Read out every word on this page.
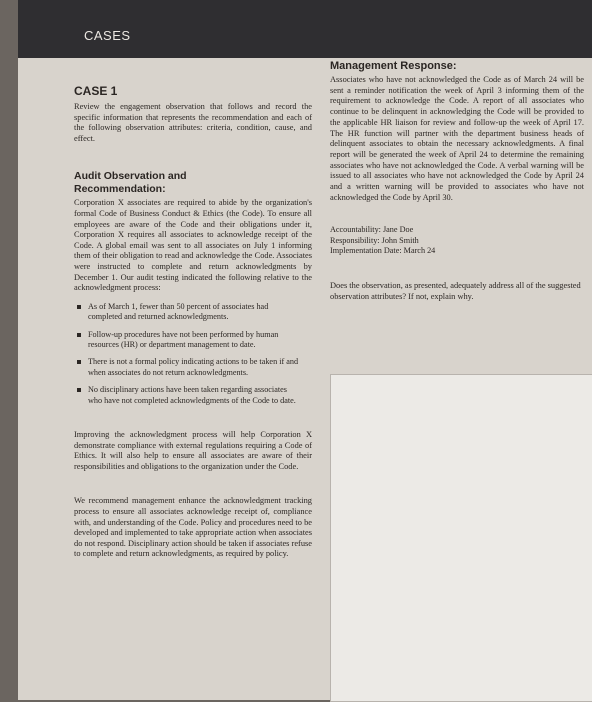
CASES
CASE 1

Review the engagement observation that follows and record the specific information that represents the recommendation and each of the following observation attributes: criteria, condition, cause, and effect.

Audit Observation and
Recommendation:

Corporation X associates are required to abide by the organization's formal Code of Business Conduct & Ethics (the Code). To ensure all employees are aware of the Code and their obligations under it, Corporation X requires all associates to acknowledge receipt of the Code. A global email was sent to all associates on July 1 informing them of their obligation to read and acknowledge the Code. Associates were instructed to complete and return acknowledgments by December 1. Our audit testing indicated the following relative to the acknowledgment process:

As of March 1, fewer than 50 percent of associates had completed and returned acknowledgments.
Follow-up procedures have not been performed by human resources (HR) or department management to date.
There is not a formal policy indicating actions to be taken if and when associates do not return acknowledgments.
No disciplinary actions have been taken regarding associates who have not completed acknowledgments of the Code to date.

Improving the acknowledgment process will help Corporation X demonstrate compliance with external regulations requiring a Code of Ethics. It will also help to ensure all associates are aware of their responsibilities and obligations to the organization under the Code.

We recommend management enhance the acknowledgment tracking process to ensure all associates acknowledge receipt of, compliance with, and understanding of the Code. Policy and procedures need to be developed and implemented to take appropriate action when associates do not respond. Disciplinary action should be taken if associates refuse to complete and return acknowledgments, as required by policy.

Management Response:

Associates who have not acknowledged the Code as of March 24 will be sent a reminder notification the week of April 3 informing them of the requirement to acknowledge the Code. A report of all associates who continue to be delinquent in acknowledging the Code will be provided to the applicable HR liaison for review and follow-up the week of April 17. The HR function will partner with the department business heads of delinquent associates to obtain the necessary acknowledgments. A final report will be generated the week of April 24 to determine the remaining associates who have not acknowledged the Code. A verbal warning will be issued to all associates who have not acknowledged the Code by April 24 and a written warning will be provided to associates who have not acknowledged the Code by April 30.

Accountability: Jane Doe
Responsibility: John Smith
Implementation Date: March 24

Does the observation, as presented, adequately address all of the suggested observation attributes? If not, explain why.
